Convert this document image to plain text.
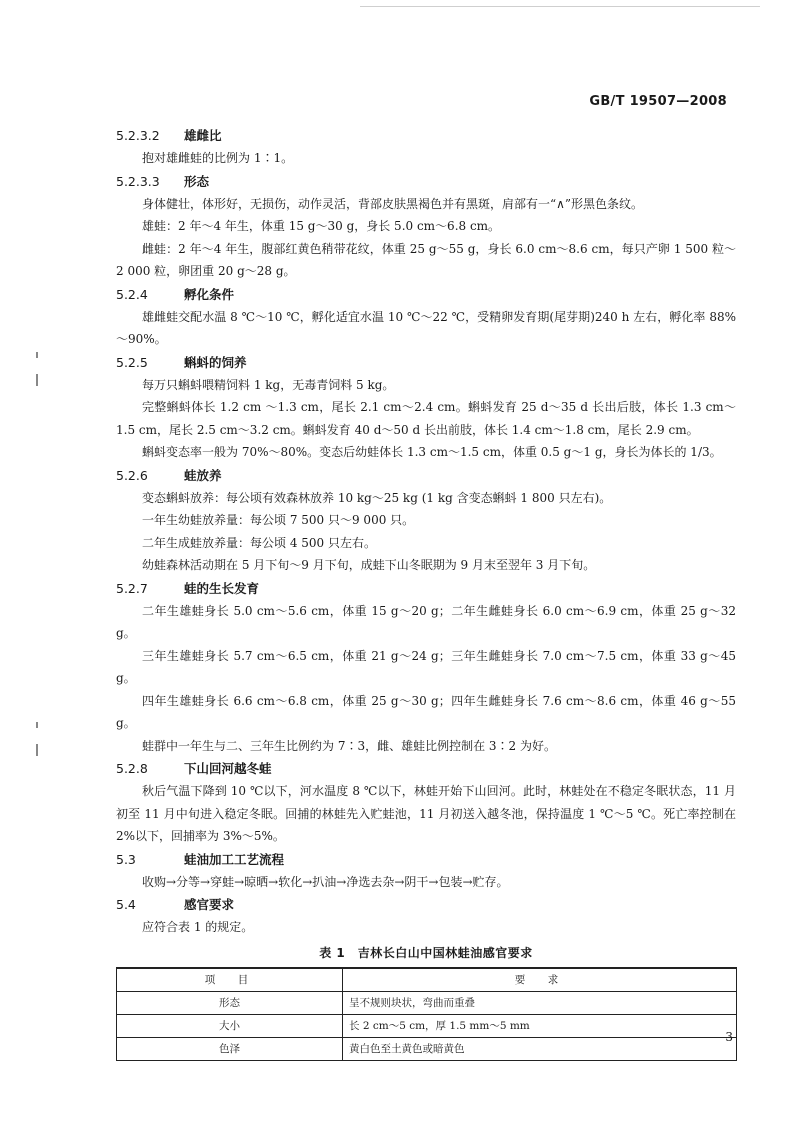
GB/T 19507—2008
5.2.3.2 雄雌比

抱对雄雌蛙的比例为 1∶1。

5.2.3.3 形态

身体健壮，体形好，无损伤，动作灵活，背部皮肤黑褐色并有黑斑，肩部有一“∧”形黑色条纹。

雄蛙：2 年～4 年生，体重 15 g～30 g，身长 5.0 cm～6.8 cm。

雌蛙：2 年～4 年生，腹部红黄色稍带花纹，体重 25 g～55 g，身长 6.0 cm～8.6 cm，每只产卵 1 500 粒～2 000 粒，卵团重 20 g～28 g。

5.2.4	孵化条件

雄雌蛙交配水温 8 ℃～10 ℃，孵化适宜水温 10 ℃～22 ℃，受精卵发育期(尾芽期)240 h 左右，孵化率 88%～90%。

5.2.5	蝌蚪的饲养

每万只蝌蚪喂精饲料 1 kg，无毒青饲料 5 kg。

完整蝌蚪体长 1.2 cm ～1.3 cm，尾长 2.1 cm～2.4 cm。蝌蚪发育 25 d～35 d 长出后肢，体长 1.3 cm～1.5 cm，尾长 2.5 cm～3.2 cm。蝌蚪发育 40 d～50 d 长出前肢，体长 1.4 cm～1.8 cm，尾长 2.9 cm。

蝌蚪变态率一般为 70%～80%。变态后幼蛙体长 1.3 cm～1.5 cm，体重 0.5 g～1 g，身长为体长的 1/3。

5.2.6	蛙放养

变态蝌蚪放养：每公顷有效森林放养 10 kg～25 kg (1 kg 含变态蝌蚪 1 800 只左右)。

一年生幼蛙放养量：每公顷 7 500 只～9 000 只。

二年生成蛙放养量：每公顷 4 500 只左右。

幼蛙森林活动期在 5 月下旬～9 月下旬，成蛙下山冬眠期为 9 月末至翌年 3 月下旬。

5.2.7	蛙的生长发育

二年生雄蛙身长 5.0 cm～5.6 cm，体重 15 g～20 g；二年生雌蛙身长 6.0 cm～6.9 cm，体重 25 g～32 g。

三年生雄蛙身长 5.7 cm～6.5 cm，体重 21 g～24 g；三年生雌蛙身长 7.0 cm～7.5 cm，体重 33 g～45 g。

四年生雄蛙身长 6.6 cm～6.8 cm，体重 25 g～30 g；四年生雌蛙身长 7.6 cm～8.6 cm，体重 46 g～55 g。

蛙群中一年生与二、三年生比例约为 7∶3，雌、雄蛙比例控制在 3∶2 为好。

5.2.8	下山回河越冬蛙

秋后气温下降到 10 ℃以下，河水温度 8 ℃以下，林蛙开始下山回河。此时，林蛙处在不稳定冬眠状态，11 月初至 11 月中旬进入稳定冬眠。回捕的林蛙先入贮蛙池，11 月初送入越冬池，保持温度 1 ℃～5 ℃。死亡率控制在 2%以下，回捕率为 3%～5%。

5.3	蛙油加工工艺流程

收购→分等→穿蛙→晾晒→软化→扒油→净选去杂→阴干→包装→贮存。

5.4	感官要求

应符合表 1 的规定。

表 1　吉林长白山中国林蛙油感官要求
项　目	要　求
形态	呈不规则块状，弯曲而重叠
大小	长 2 cm～5 cm，厚 1.5 mm～5 mm
色泽	黄白色至土黄色或暗黄色
3
